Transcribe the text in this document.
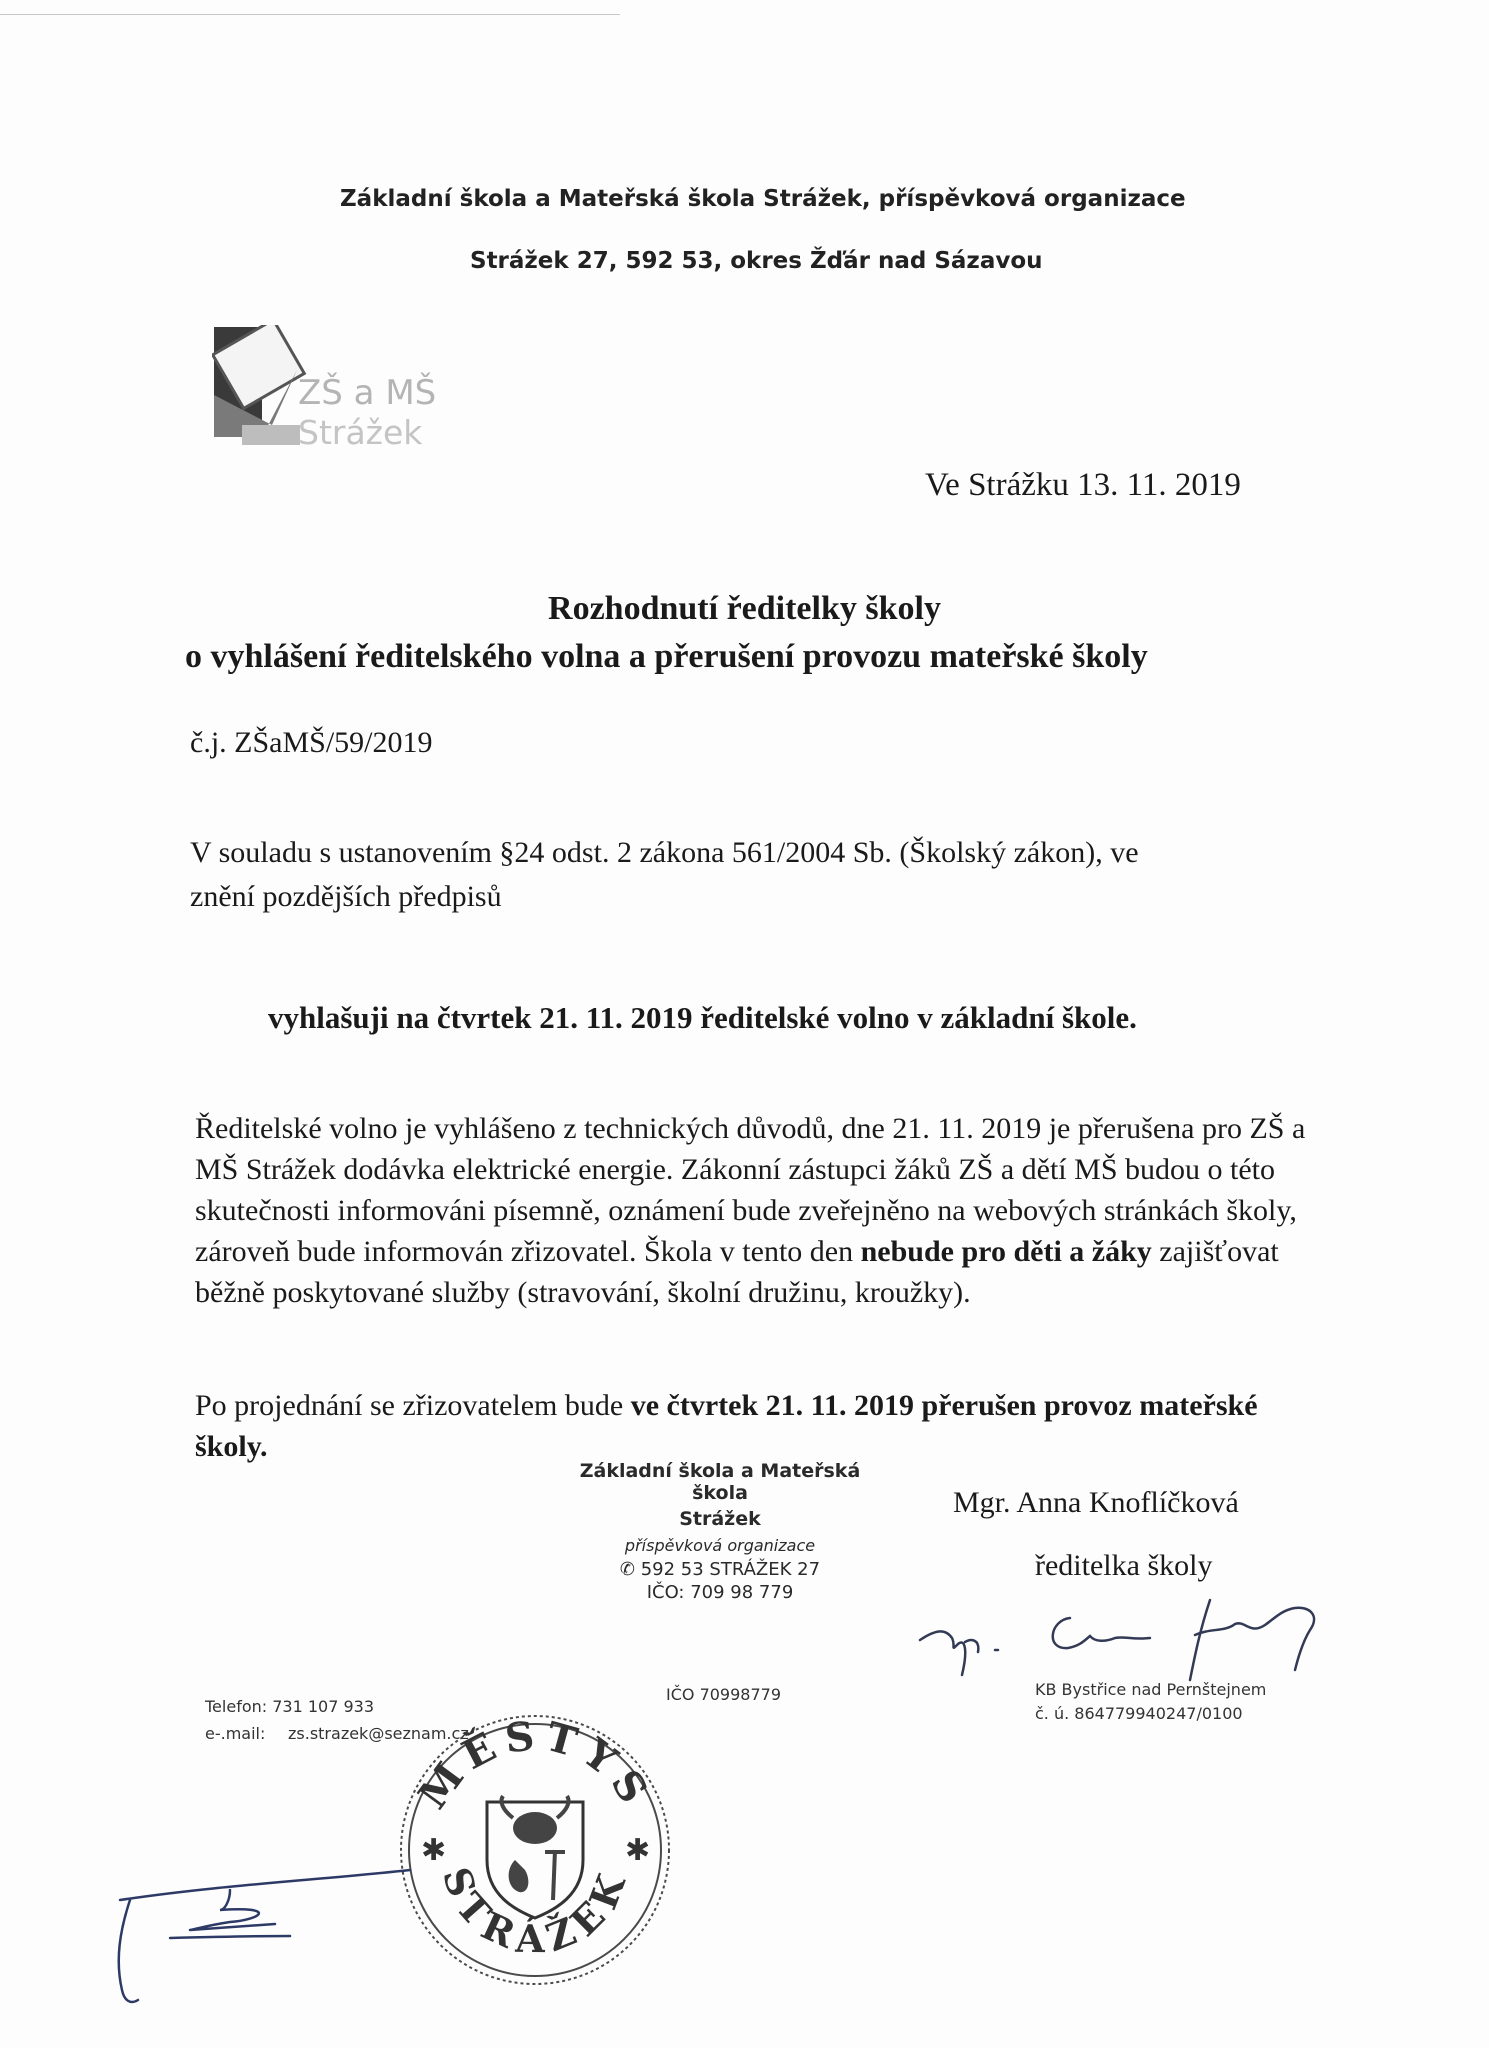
Základní škola a Mateřská škola Strážek, příspěvková organizace
Strážek 27, 592 53, okres Žďár nad Sázavou
ZŠ a MŠ
Strážek
Ve Strážku 13. 11. 2019
Rozhodnutí ředitelky školy
o vyhlášení ředitelského volna a přerušení provozu mateřské školy
č.j. ZŠaMŠ/59/2019
V souladu s ustanovením §24 odst. 2 zákona 561/2004 Sb. (Školský zákon), ve
znění pozdějších předpisů
vyhlašuji na čtvrtek 21. 11. 2019 ředitelské volno v základní škole.
Ředitelské volno je vyhlášeno z technických důvodů, dne 21. 11. 2019 je přerušena pro ZŠ a MŠ Strážek dodávka elektrické energie. Zákonní zástupci žáků ZŠ a dětí MŠ budou o této skutečnosti informováni písemně, oznámení bude zveřejněno na webových stránkách školy, zároveň bude informován zřizovatel. Škola v tento den nebude pro děti a žáky zajišťovat běžně poskytované služby (stravování, školní družinu, kroužky).
Po projednání se zřizovatelem bude ve čtvrtek 21. 11. 2019 přerušen provoz mateřské školy.
Základní škola a Mateřská škola
Strážek
příspěvková organizace
✆ 592 53 STRÁŽEK 27
IČO: 709 98 779
Mgr. Anna Knoflíčková
ředitelka školy
Telefon: 731 107 933
e-.mail: zs.strazek@seznam.cz
IČO 70998779	KB Bystřice nad Pernštejnem
č. ú. 864779940247/0100
MĚSTYS
STRÁŽEK
✱	✱
